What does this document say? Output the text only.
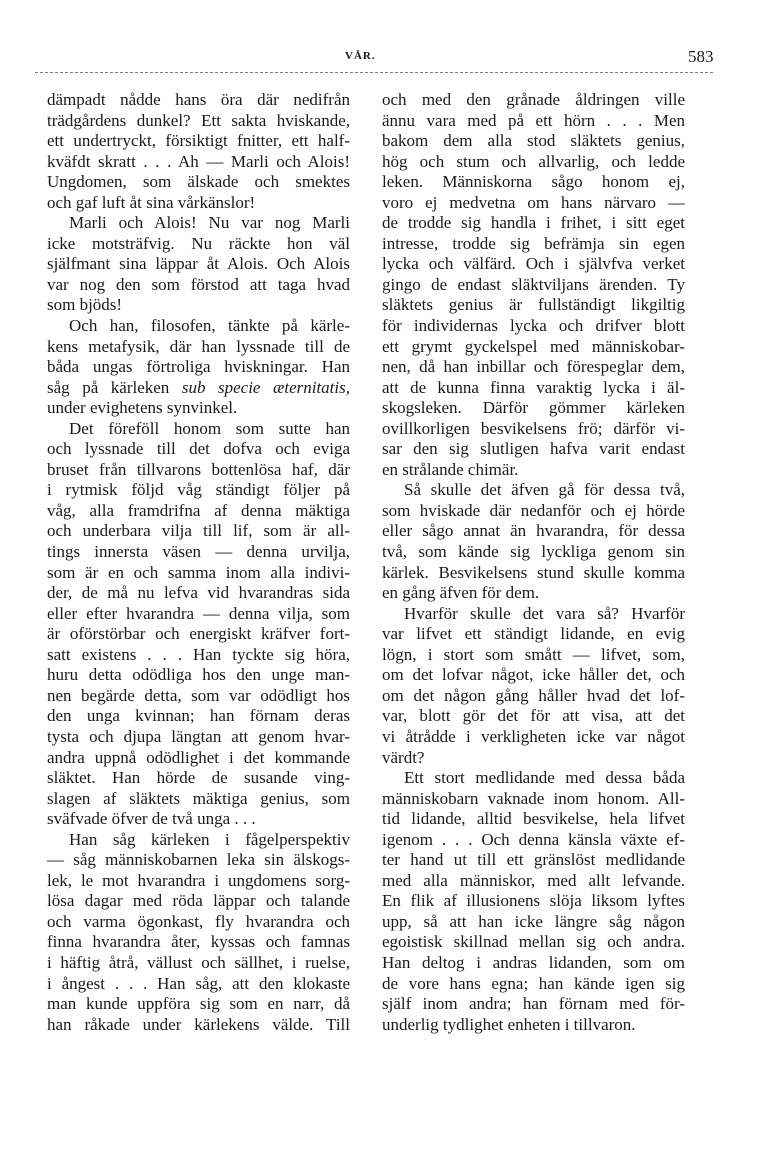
VÅR.	583
dämpadt nådde hans öra där nedifrån
trädgårdens dunkel? Ett sakta hviskande,
ett undertryckt, försiktigt fnitter, ett half-
kväfdt skratt . . . Ah — Marli och Alois!
Ungdomen, som älskade och smektes
och gaf luft åt sina vårkänslor!
Marli och Alois! Nu var nog Marli
icke motsträfvig. Nu räckte hon väl
själfmant sina läppar åt Alois. Och Alois
var nog den som förstod att taga hvad
som bjöds!
Och han, filosofen, tänkte på kärle-
kens metafysik, där han lyssnade till de
båda ungas förtroliga hviskningar. Han
såg på kärleken sub specie æternitatis,
under evighetens synvinkel.
Det föreföll honom som sutte han
och lyssnade till det dofva och eviga
bruset från tillvarons bottenlösa haf, där
i rytmisk följd våg ständigt följer på
våg, alla framdrifna af denna mäktiga
och underbara vilja till lif, som är all-
tings innersta väsen — denna urvilja,
som är en och samma inom alla indivi-
der, de må nu lefva vid hvarandras sida
eller efter hvarandra — denna vilja, som
är oförstörbar och energiskt kräfver fort-
satt existens . . . Han tyckte sig höra,
huru detta odödliga hos den unge man-
nen begärde detta, som var odödligt hos
den unga kvinnan; han förnam deras
tysta och djupa längtan att genom hvar-
andra uppnå odödlighet i det kommande
släktet. Han hörde de susande ving-
slagen af släktets mäktiga genius, som
sväfvade öfver de två unga . . .
Han såg kärleken i fågelperspektiv
— såg människobarnen leka sin älskogs-
lek, le mot hvarandra i ungdomens sorg-
lösa dagar med röda läppar och talande
och varma ögonkast, fly hvarandra och
finna hvarandra åter, kyssas och famnas
i häftig åtrå, vällust och sällhet, i ruelse,
i ångest . . . Han såg, att den klokaste
man kunde uppföra sig som en narr, då
han råkade under kärlekens välde. Till
och med den grånade åldringen ville
ännu vara med på ett hörn . . . Men
bakom dem alla stod släktets genius,
hög och stum och allvarlig, och ledde
leken. Människorna sågo honom ej,
voro ej medvetna om hans närvaro —
de trodde sig handla i frihet, i sitt eget
intresse, trodde sig befrämja sin egen
lycka och välfärd. Och i självfva verket
gingo de endast släktviljans ärenden. Ty
släktets genius är fullständigt likgiltig
för individernas lycka och drifver blott
ett grymt gyckelspel med människobar-
nen, då han inbillar och förespeglar dem,
att de kunna finna varaktig lycka i äl-
skogsleken. Därför gömmer kärleken
ovillkorligen besvikelsens frö; därför vi-
sar den sig slutligen hafva varit endast
en strålande chimär.
Så skulle det äfven gå för dessa två,
som hviskade där nedanför och ej hörde
eller sågo annat än hvarandra, för dessa
två, som kände sig lyckliga genom sin
kärlek. Besvikelsens stund skulle komma
en gång äfven för dem.
Hvarför skulle det vara så? Hvarför
var lifvet ett ständigt lidande, en evig
lögn, i stort som smått — lifvet, som,
om det lofvar något, icke håller det, och
om det någon gång håller hvad det lof-
var, blott gör det för att visa, att det
vi åtrådde i verkligheten icke var något
värdt?
Ett stort medlidande med dessa båda
människobarn vaknade inom honom. All-
tid lidande, alltid besvikelse, hela lifvet
igenom . . . Och denna känsla växte ef-
ter hand ut till ett gränslöst medlidande
med alla människor, med allt lefvande.
En flik af illusionens slöja liksom lyftes
upp, så att han icke längre såg någon
egoistisk skillnad mellan sig och andra.
Han deltog i andras lidanden, som om
de vore hans egna; han kände igen sig
själf inom andra; han förnam med för-
underlig tydlighet enheten i tillvaron.
